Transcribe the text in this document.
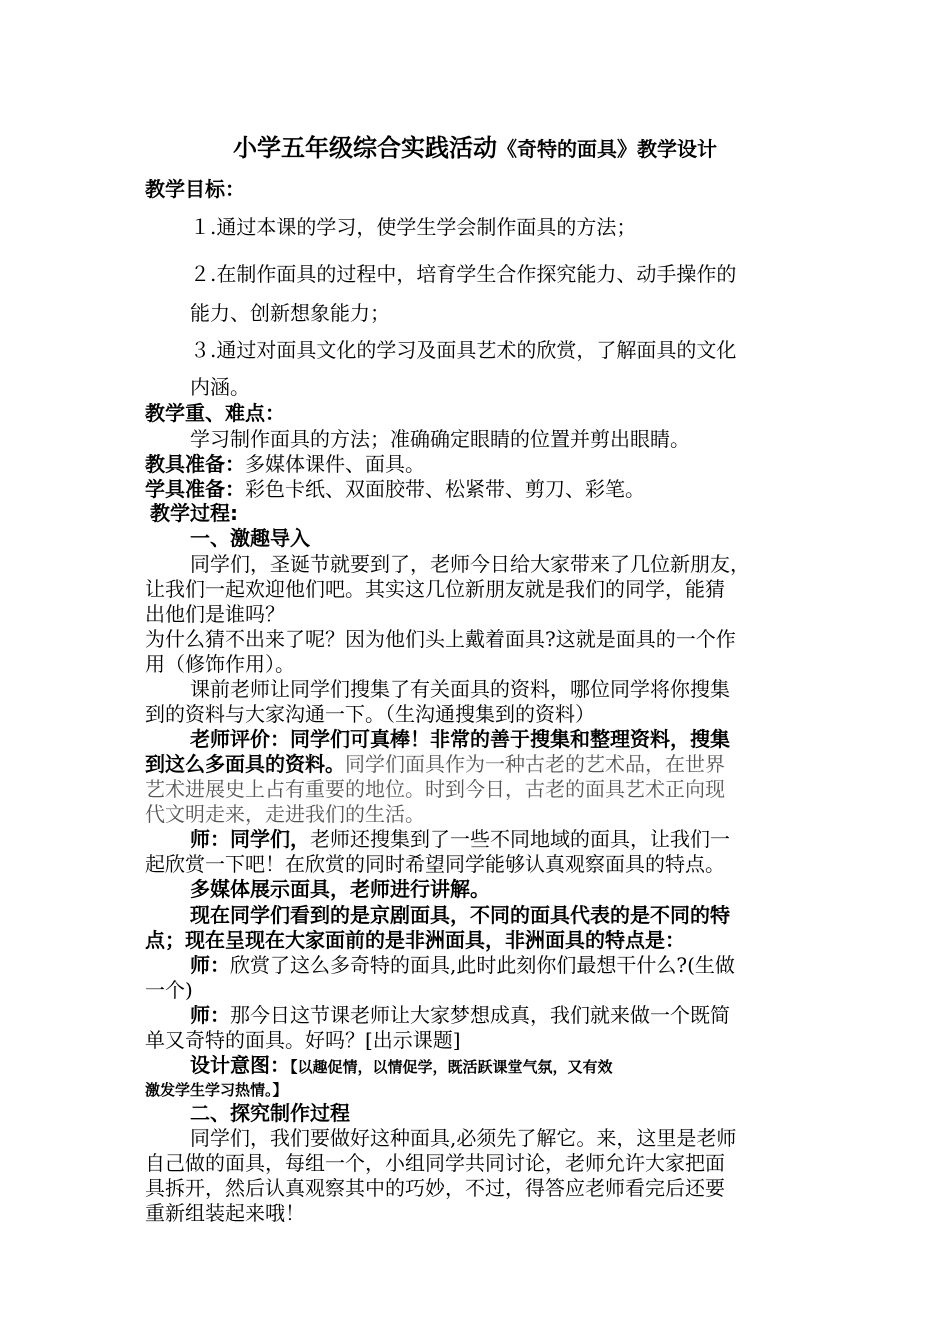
小学五年级综合实践活动《奇特的面具》教学设计
教学目标：
１.通过本课的学习，使学生学会制作面具的方法；
２.在制作面具的过程中，培育学生合作探究能力、动手操作的
能力、创新想象能力；
３.通过对面具文化的学习及面具艺术的欣赏，了解面具的文化
内涵。
教学重、难点：
学习制作面具的方法；准确确定眼睛的位置并剪出眼睛。
教具准备：多媒体课件、面具。
学具准备：彩色卡纸、双面胶带、松紧带、剪刀、彩笔。
教学过程:
一、激趣导入
同学们，圣诞节就要到了，老师今日给大家带来了几位新朋友，
让我们一起欢迎他们吧。其实这几位新朋友就是我们的同学，能猜
出他们是谁吗？
为什么猜不出来了呢？因为他们头上戴着面具?这就是面具的一个作
用（修饰作用）。
课前老师让同学们搜集了有关面具的资料，哪位同学将你搜集
到的资料与大家沟通一下。（生沟通搜集到的资料）
老师评价：同学们可真棒！非常的善于搜集和整理资料，搜集
到这么多面具的资料。同学们面具作为一种古老的艺术品，在世界
艺术进展史上占有重要的地位。时到今日，古老的面具艺术正向现
代文明走来，走进我们的生活。
师：同学们，老师还搜集到了一些不同地域的面具，让我们一
起欣赏一下吧！在欣赏的同时希望同学能够认真观察面具的特点。
多媒体展示面具，老师进行讲解。
现在同学们看到的是京剧面具，不同的面具代表的是不同的特
点；现在呈现在大家面前的是非洲面具，非洲面具的特点是：
师：欣赏了这么多奇特的面具,此时此刻你们最想干什么?(生做
一个)
师：那今日这节课老师让大家梦想成真，我们就来做一个既简
单又奇特的面具。好吗？[出示课题]
设计意图：【以趣促情，以情促学，既活跃课堂气氛，又有效
激发学生学习热情。】
二、探究制作过程
同学们，我们要做好这种面具,必须先了解它。来，这里是老师
自己做的面具，每组一个，小组同学共同讨论，老师允许大家把面
具拆开，然后认真观察其中的巧妙，不过，得答应老师看完后还要
重新组装起来哦！
